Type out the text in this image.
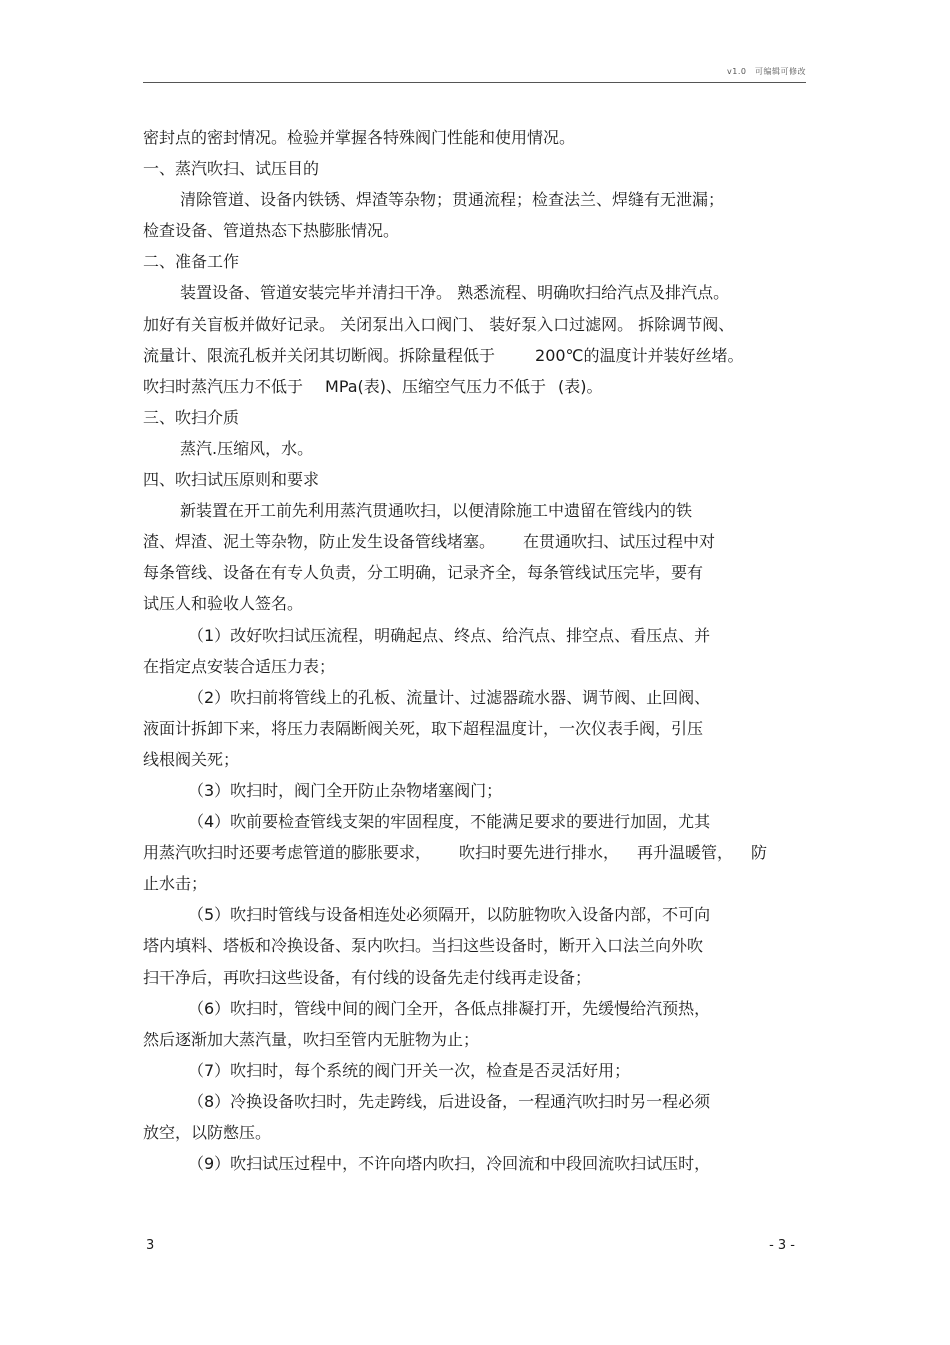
v1.0　可编辑可修改
密封点的密封情况。检验并掌握各特殊阀门性能和使用情况。
一、蒸汽吹扫、试压目的
清除管道、设备内铁锈、焊渣等杂物；贯通流程；检查法兰、焊缝有无泄漏；
检查设备、管道热态下热膨胀情况。
二、准备工作
装置设备、管道安装完毕并清扫干净。 熟悉流程、明确吹扫给汽点及排汽点。
加好有关盲板并做好记录。 关闭泵出入口阀门、 装好泵入口过滤网。 拆除调节阀、
流量计、限流孔板并关闭其切断阀。拆除量程低于	200℃的温度计并装好丝堵。
吹扫时蒸汽压力不低于 MPa(表)、压缩空气压力不低于 (表)。
三、吹扫介质
蒸汽.压缩风，水。
四、吹扫试压原则和要求
新装置在开工前先利用蒸汽贯通吹扫，以便清除施工中遗留在管线内的铁
渣、焊渣、泥土等杂物，防止发生设备管线堵塞。 在贯通吹扫、试压过程中对
每条管线、设备在有专人负责，分工明确，记录齐全，每条管线试压完毕，要有
试压人和验收人签名。
（1）改好吹扫试压流程，明确起点、终点、给汽点、排空点、看压点、并
在指定点安装合适压力表；
（2）吹扫前将管线上的孔板、流量计、过滤器疏水器、调节阀、止回阀、
液面计拆卸下来，将压力表隔断阀关死，取下超程温度计，一次仪表手阀，引压
线根阀关死；
（3）吹扫时，阀门全开防止杂物堵塞阀门；
（4）吹前要检查管线支架的牢固程度，不能满足要求的要进行加固，尤其
用蒸汽吹扫时还要考虑管道的膨胀要求， 吹扫时要先进行排水， 再升温暖管， 防
止水击；
（5）吹扫时管线与设备相连处必须隔开，以防脏物吹入设备内部，不可向
塔内填料、塔板和冷换设备、泵内吹扫。当扫这些设备时，断开入口法兰向外吹
扫干净后，再吹扫这些设备，有付线的设备先走付线再走设备；
（6）吹扫时，管线中间的阀门全开，各低点排凝打开，先缓慢给汽预热，
然后逐渐加大蒸汽量，吹扫至管内无脏物为止；
（7）吹扫时，每个系统的阀门开关一次，检查是否灵活好用；
（8）冷换设备吹扫时，先走跨线，后进设备，一程通汽吹扫时另一程必须
放空，以防憋压。
（9）吹扫试压过程中，不许向塔内吹扫，冷回流和中段回流吹扫试压时，
3	- 3 -
